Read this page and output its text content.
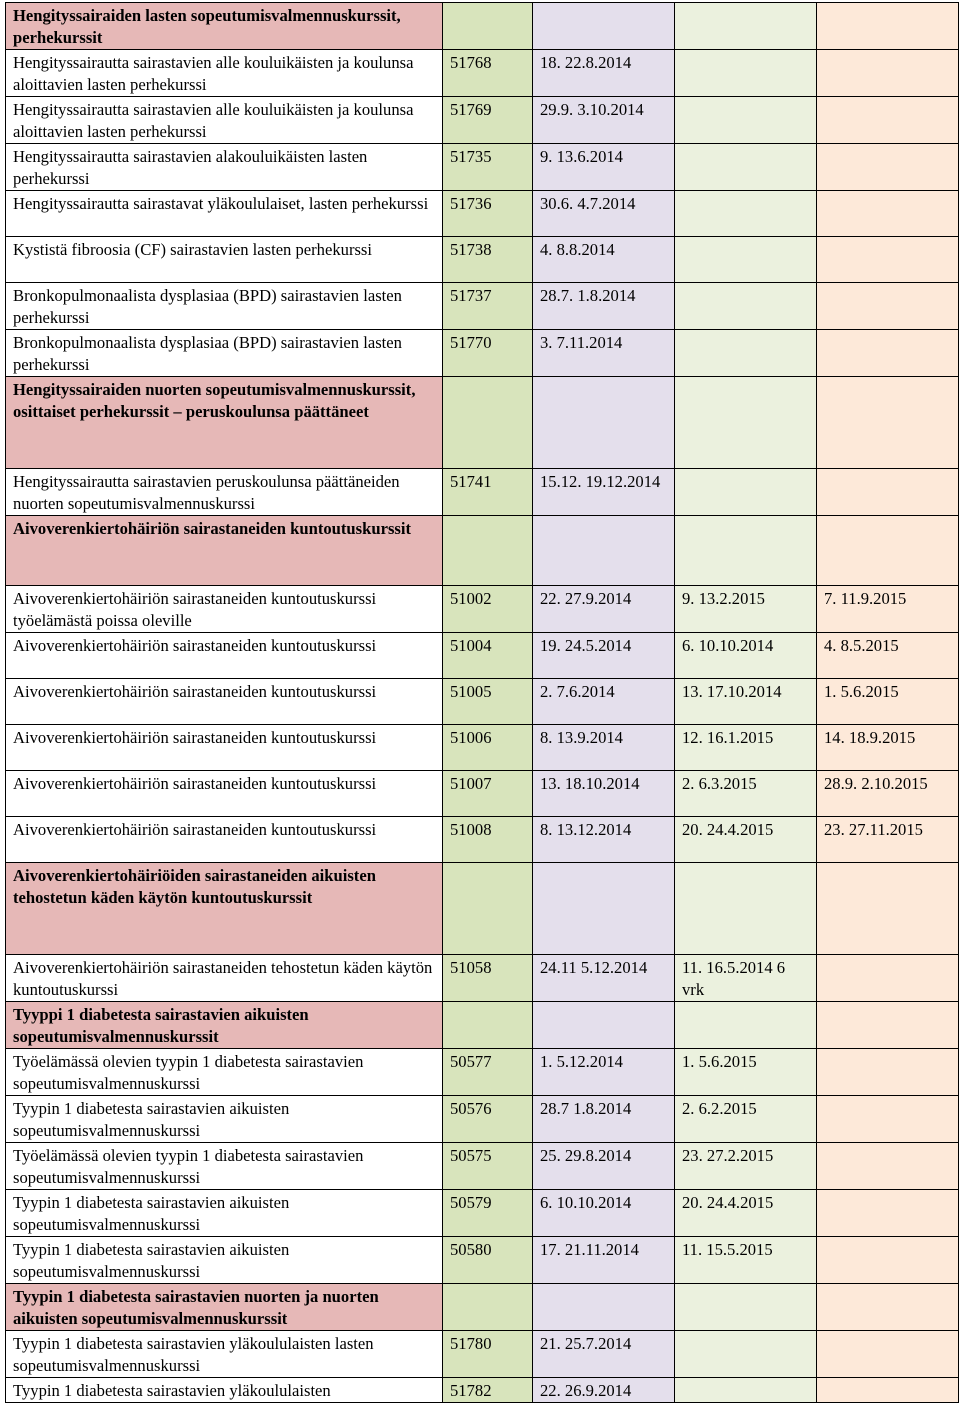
Hengityssairaiden lasten sopeutumisvalmennuskurssit, perhekurssit				
Hengityssairautta sairastavien alle kouluikäisten ja koulunsa aloittavien lasten perhekurssi	51768	18. 22.8.2014		
Hengityssairautta sairastavien alle kouluikäisten ja koulunsa aloittavien lasten perhekurssi	51769	29.9. 3.10.2014		
Hengityssairautta sairastavien alakouluikäisten lasten perhekurssi	51735	9. 13.6.2014		
Hengityssairautta sairastavat yläkoululaiset, lasten perhekurssi	51736	30.6. 4.7.2014		
Kystistä fibroosia (CF) sairastavien lasten perhekurssi	51738	4. 8.8.2014		
Bronkopulmonaalista dysplasiaa (BPD) sairastavien lasten perhekurssi	51737	28.7. 1.8.2014		
Bronkopulmonaalista dysplasiaa (BPD) sairastavien lasten perhekurssi	51770	3. 7.11.2014		
Hengityssairaiden nuorten sopeutumisvalmennuskurssit, osittaiset perhekurssit – peruskoulunsa päättäneet				
Hengityssairautta sairastavien peruskoulunsa päättäneiden nuorten sopeutumisvalmennuskurssi	51741	15.12. 19.12.2014		
Aivoverenkiertohäiriön sairastaneiden kuntoutuskurssit				
Aivoverenkiertohäiriön sairastaneiden kuntoutuskurssi työelämästä poissa oleville	51002	22. 27.9.2014	9. 13.2.2015	7. 11.9.2015
Aivoverenkiertohäiriön sairastaneiden kuntoutuskurssi	51004	19. 24.5.2014	6. 10.10.2014	4. 8.5.2015
Aivoverenkiertohäiriön sairastaneiden kuntoutuskurssi	51005	2. 7.6.2014	13. 17.10.2014	1. 5.6.2015
Aivoverenkiertohäiriön sairastaneiden kuntoutuskurssi	51006	8. 13.9.2014	12. 16.1.2015	14. 18.9.2015
Aivoverenkiertohäiriön sairastaneiden kuntoutuskurssi	51007	13. 18.10.2014	2. 6.3.2015	28.9. 2.10.2015
Aivoverenkiertohäiriön sairastaneiden kuntoutuskurssi	51008	8. 13.12.2014	20. 24.4.2015	23. 27.11.2015
Aivoverenkiertohäiriöiden sairastaneiden aikuisten tehostetun käden käytön kuntoutuskurssit				
Aivoverenkiertohäiriön sairastaneiden tehostetun käden käytön kuntoutuskurssi	51058	24.11 5.12.2014	11. 16.5.2014 6 vrk	
Tyyppi 1 diabetesta sairastavien aikuisten sopeutumisvalmennuskurssit				
Työelämässä olevien tyypin 1 diabetesta sairastavien sopeutumisvalmennuskurssi	50577	1. 5.12.2014	1. 5.6.2015	
Tyypin 1 diabetesta sairastavien aikuisten sopeutumisvalmennuskurssi	50576	28.7 1.8.2014	2. 6.2.2015	
Työelämässä olevien tyypin 1 diabetesta sairastavien sopeutumisvalmennuskurssi	50575	25. 29.8.2014	23. 27.2.2015	
Tyypin 1 diabetesta sairastavien aikuisten sopeutumisvalmennuskurssi	50579	6. 10.10.2014	20. 24.4.2015	
Tyypin 1 diabetesta sairastavien aikuisten sopeutumisvalmennuskurssi	50580	17. 21.11.2014	11. 15.5.2015	
Tyypin 1 diabetesta sairastavien nuorten ja nuorten aikuisten sopeutumisvalmennuskurssit				
Tyypin 1 diabetesta sairastavien yläkoululaisten lasten sopeutumisvalmennuskurssi	51780	21. 25.7.2014		
Tyypin 1 diabetesta sairastavien yläkoululaisten	51782	22. 26.9.2014		
